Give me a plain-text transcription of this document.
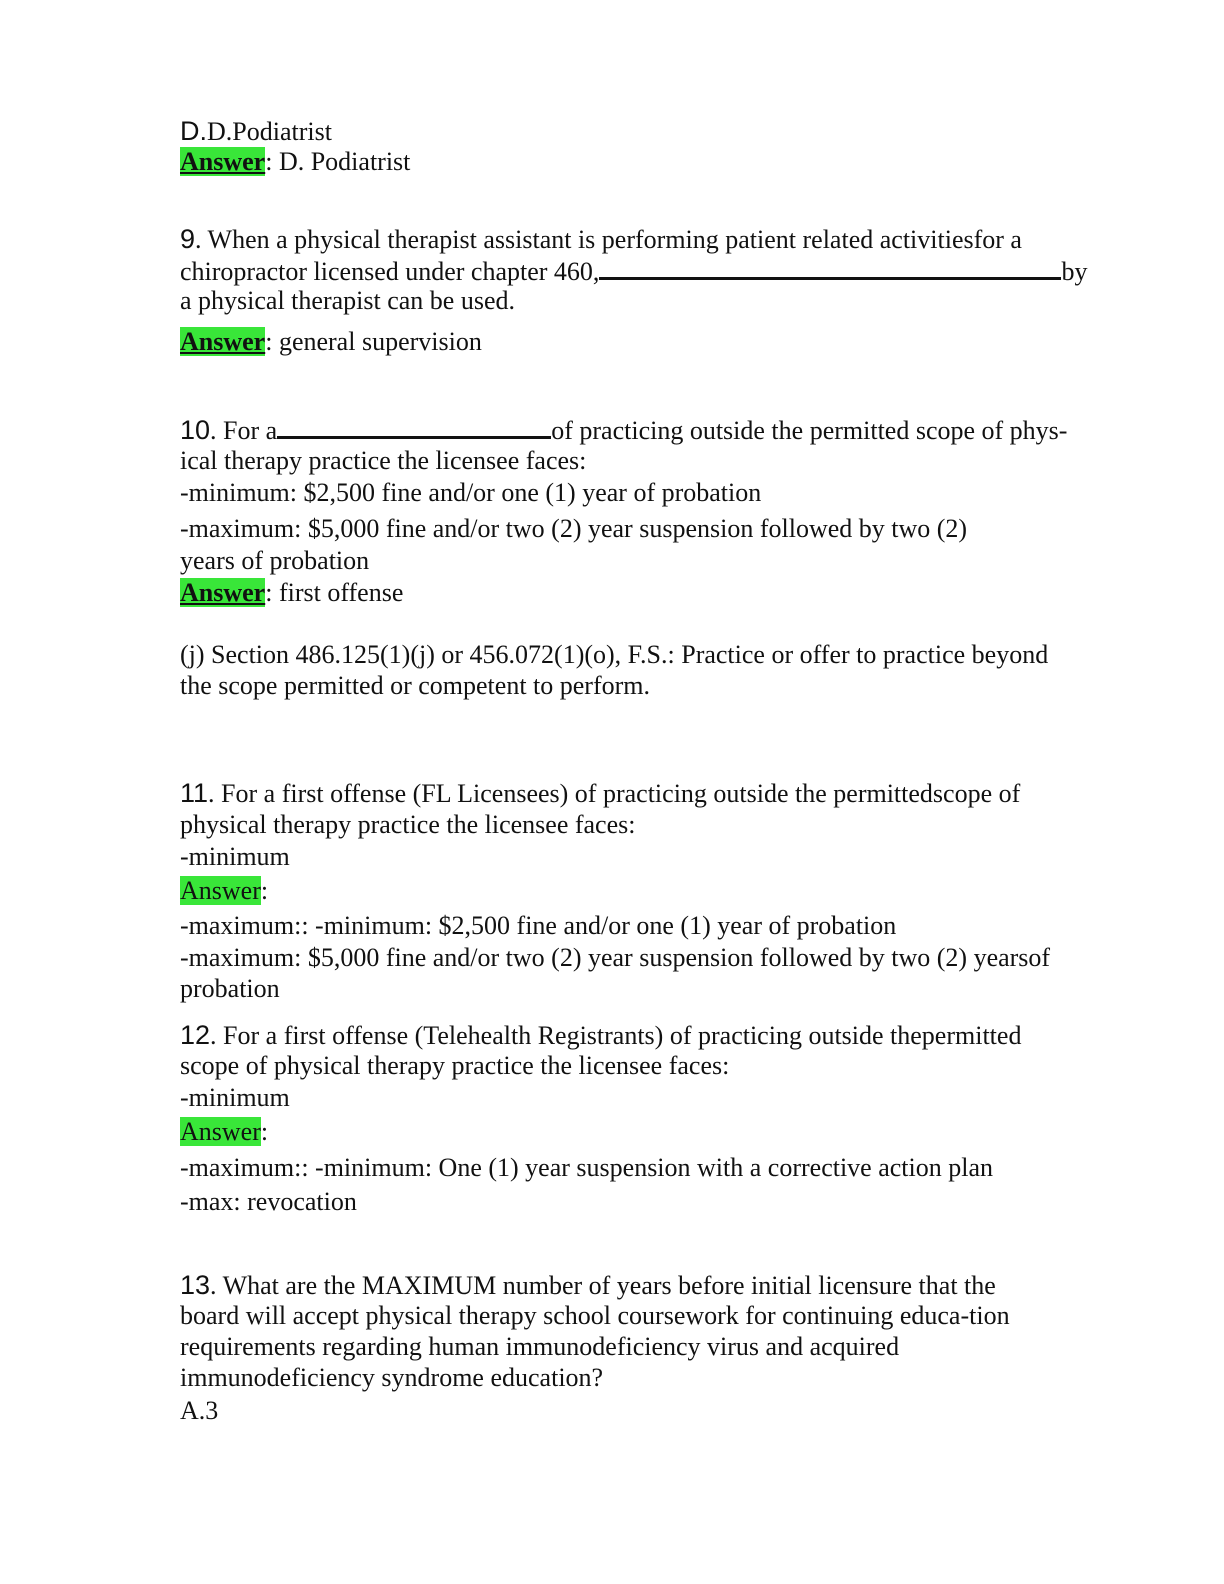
D.D.Podiatrist
Answer: D. Podiatrist
9. When a physical therapist assistant is performing patient related activitiesfor a
chiropractor licensed under chapter 460,	by
a physical therapist can be used.
Answer: general supervision
10. For a	of practicing outside the permitted scope of phys-
ical therapy practice the licensee faces:
-minimum: $2,500 fine and/or one (1) year of probation
-maximum: $5,000 fine and/or two (2) year suspension followed by two (2)
years of probation
Answer: first offense
(j) Section 486.125(1)(j) or 456.072(1)(o), F.S.: Practice or offer to practice beyond
the scope permitted or competent to perform.
11. For a first offense (FL Licensees) of practicing outside the permittedscope of
physical therapy practice the licensee faces:
-minimum
Answer:
-maximum:: -minimum: $2,500 fine and/or one (1) year of probation
-maximum: $5,000 fine and/or two (2) year suspension followed by two (2) yearsof
probation
12. For a first offense (Telehealth Registrants) of practicing outside thepermitted
scope of physical therapy practice the licensee faces:
-minimum
Answer:
-maximum:: -minimum: One (1) year suspension with a corrective action plan
-max: revocation
13. What are the MAXIMUM number of years before initial licensure that the
board will accept physical therapy school coursework for continuing educa-tion
requirements regarding human immunodeficiency virus and acquired
immunodeficiency syndrome education?
A.3
